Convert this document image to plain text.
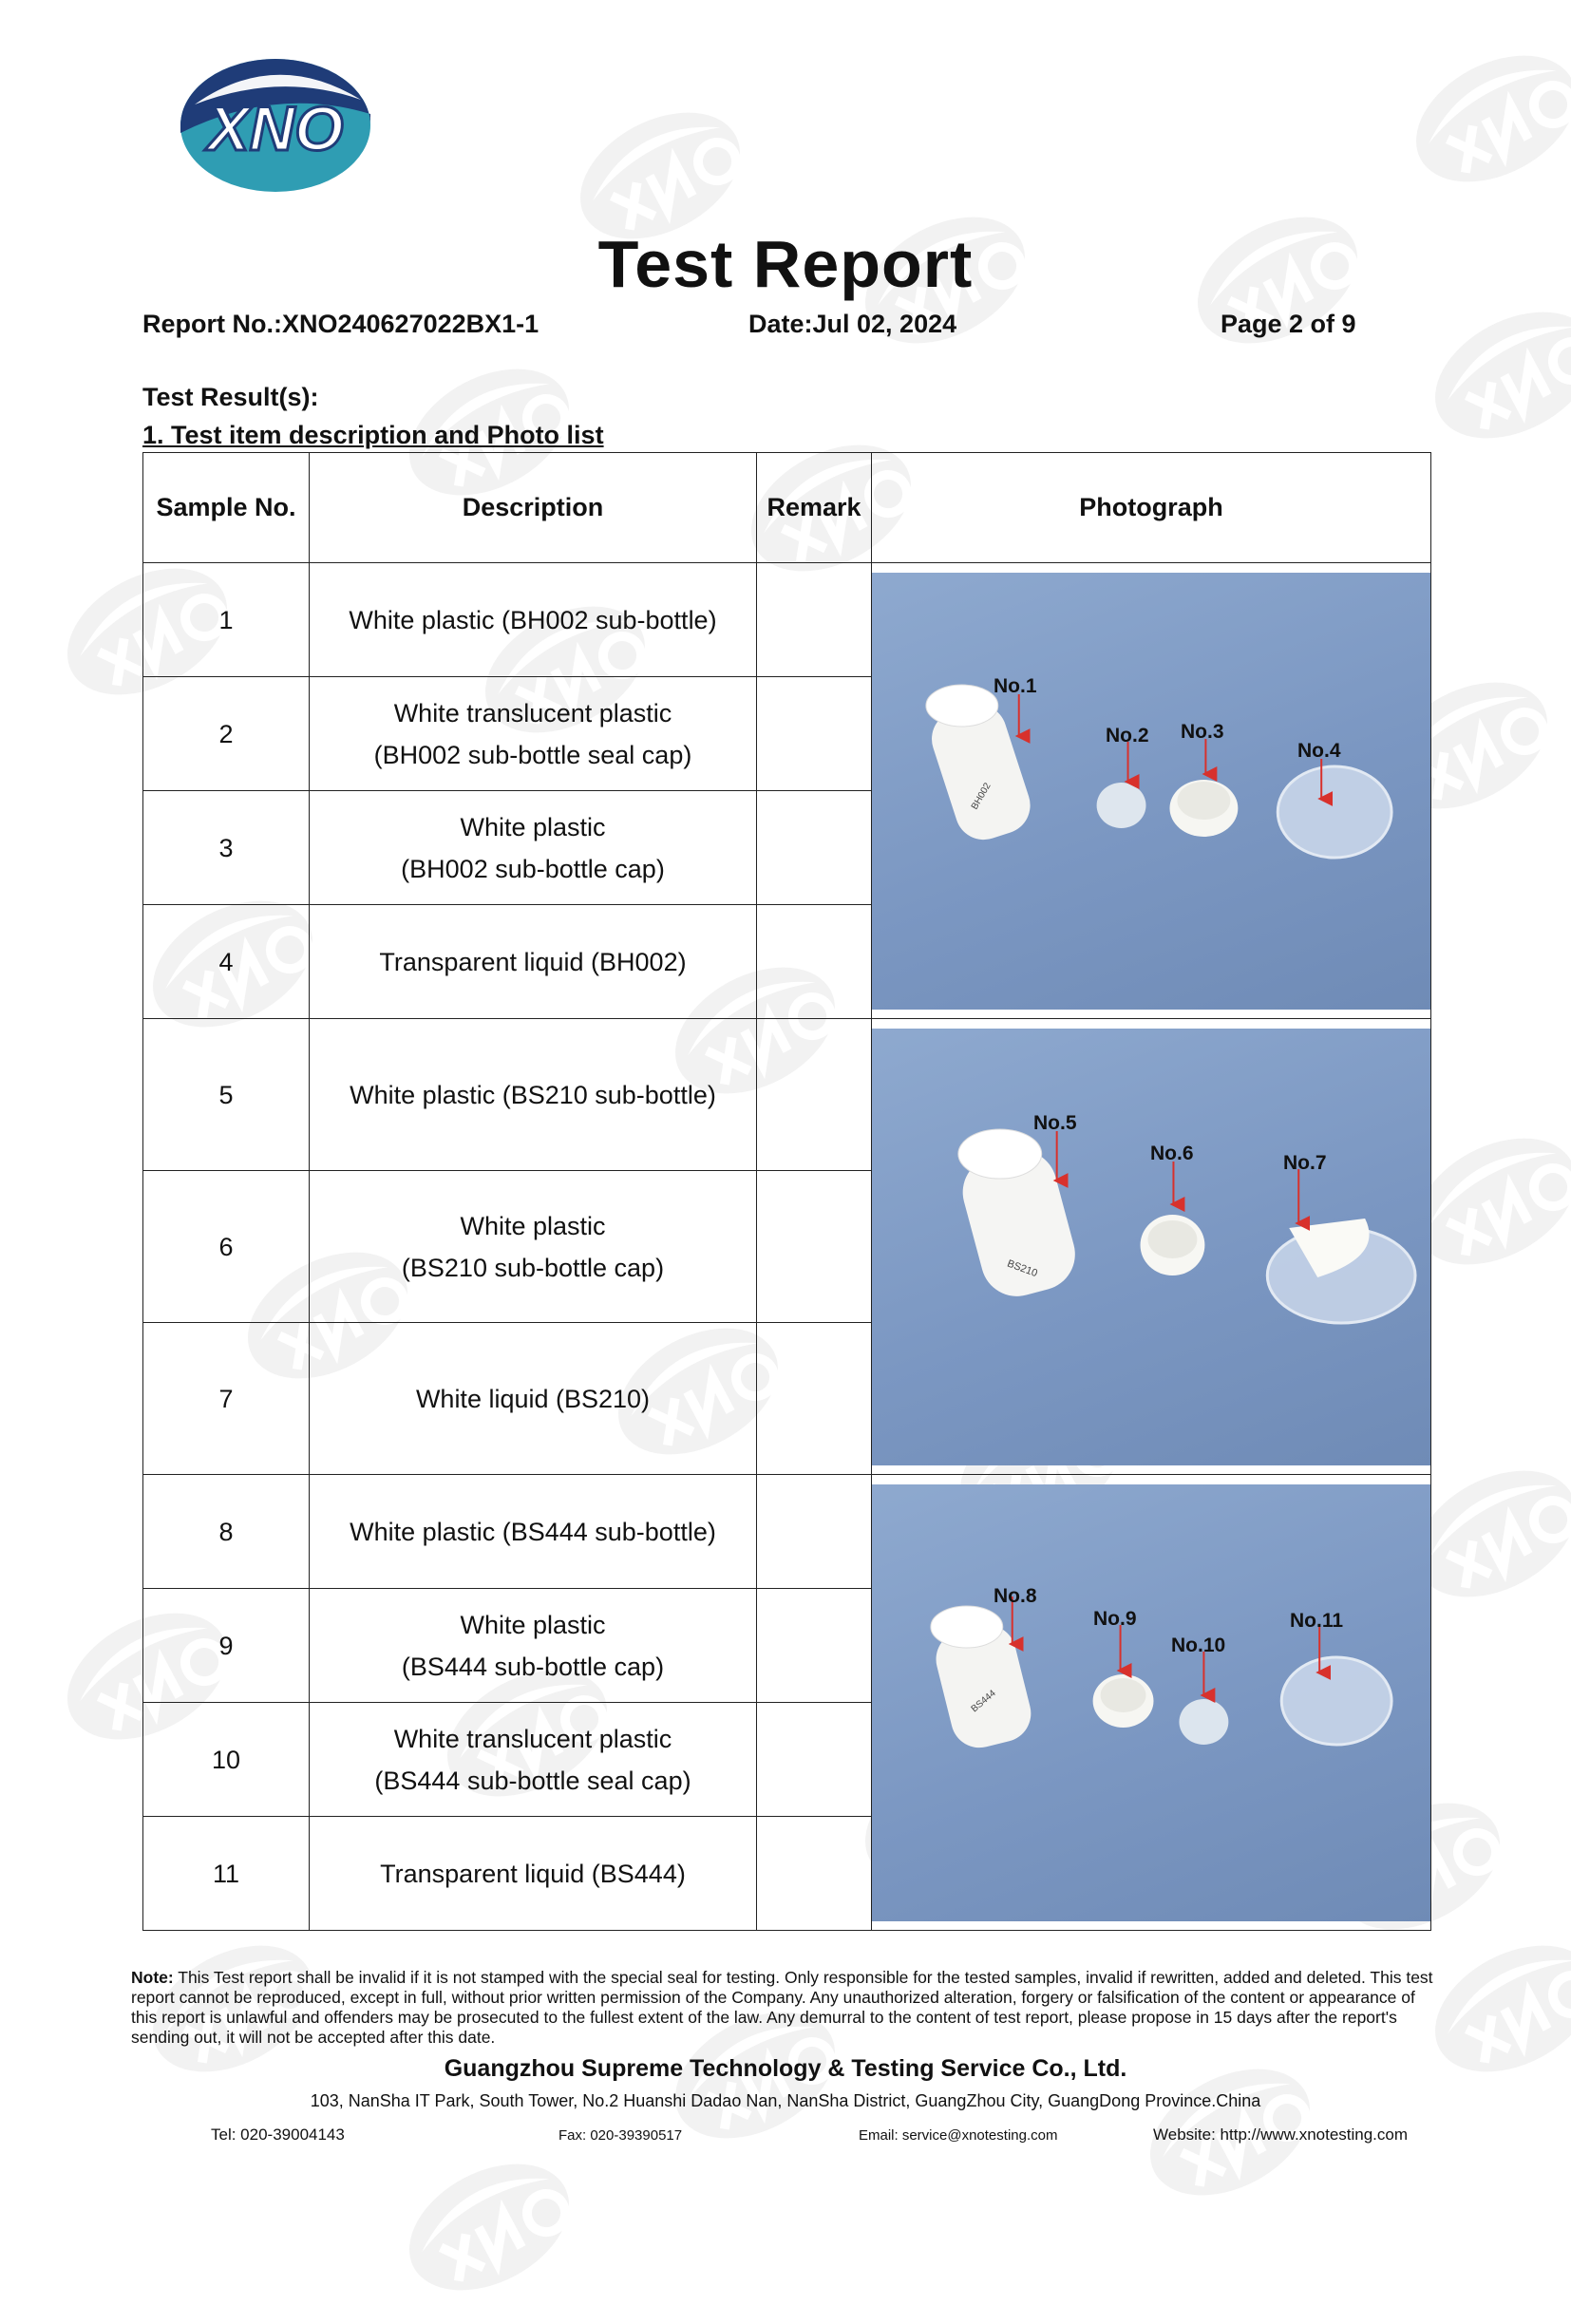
XNO
Test Report
Report No.:XNO240627022BX1-1	Date:Jul 02, 2024	Page 2 of 9
Test Result(s):
1. Test item description and Photo list
Sample No.	Description	Remark	Photograph
1	White plastic (BH002 sub-bottle)		BH002
No.1
No.2 No.3
No.4

2	White translucent plastic
(BH002 sub-bottle seal cap)		

3	White plastic
(BH002 sub-bottle cap)		

4	Transparent liquid (BH002)		

5	White plastic (BS210 sub-bottle)		BS210
No.5
No.6 No.7

6	White plastic
(BS210 sub-bottle cap)		

7	White liquid (BS210)		

8	White plastic (BS444 sub-bottle)		BS444
No.8
No.9
No.10
No.11

9	White plastic
(BS444 sub-bottle cap)		

10	White translucent plastic
(BS444 sub-bottle seal cap)		

11	Transparent liquid (BS444)		

Note: This Test report shall be invalid if it is not stamped with the special seal for testing. Only responsible for the tested samples, invalid if rewritten, added and deleted. This test report cannot be reproduced, except in full, without prior written permission of the Company. Any unauthorized alteration, forgery or falsification of the content or appearance of this report is unlawful and offenders may be prosecuted to the fullest extent of the law. Any demurral to the content of test report, please propose in 15 days after the report's sending out, it will not be accepted after this date.
Guangzhou Supreme Technology & Testing Service Co., Ltd.
103, NanSha IT Park, South Tower, No.2 Huanshi Dadao Nan, NanSha District, GuangZhou City, GuangDong Province.China
Tel: 020-39004143	Fax: 020-39390517	Email: service@xnotesting.com	Website: http://www.xnotesting.com
